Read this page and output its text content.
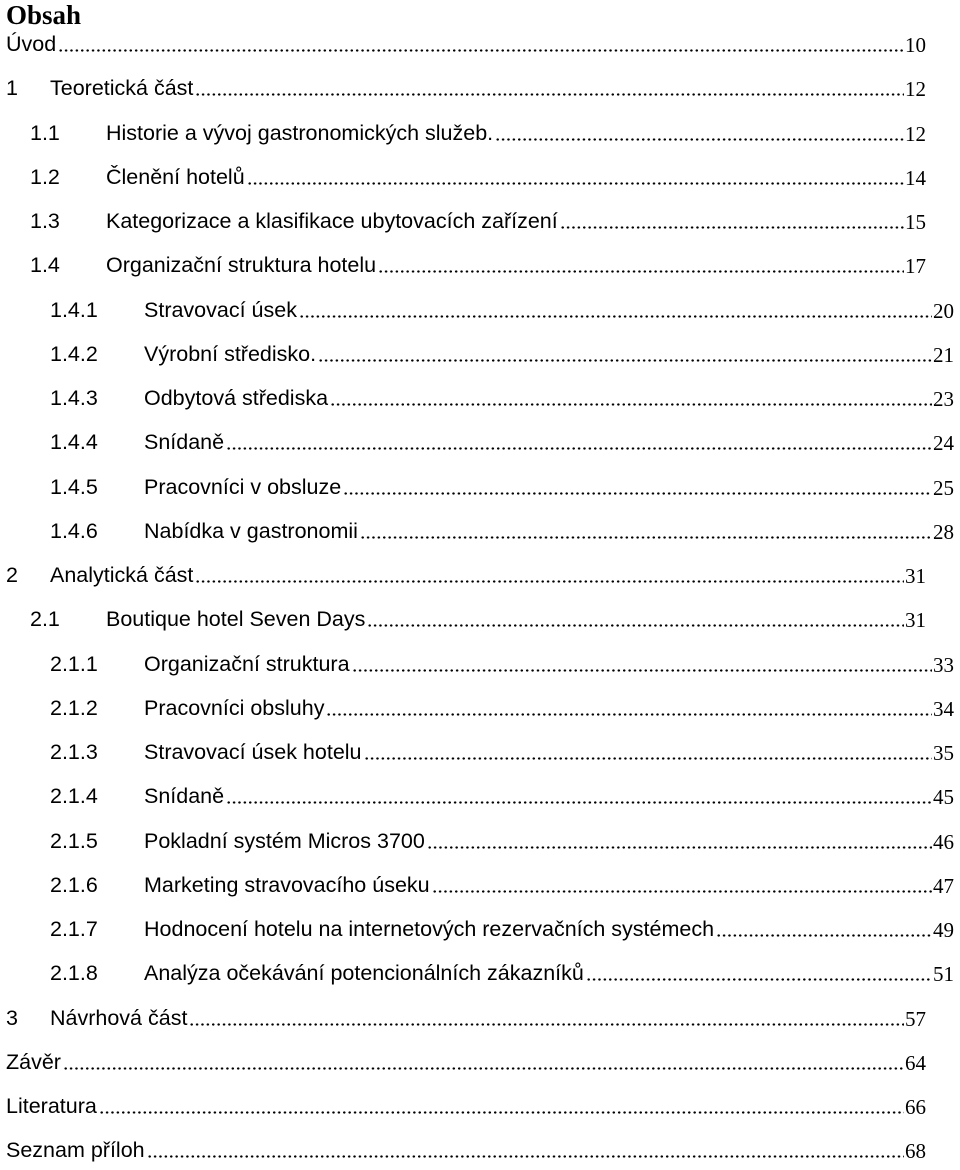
Obsah
Úvod	10
1 Teoretická část	12
1.1 Historie a vývoj gastronomických služeb.	12
1.2 Členění hotelů	14
1.3 Kategorizace a klasifikace ubytovacích zařízení	15
1.4 Organizační struktura hotelu	17
1.4.1 Stravovací úsek	20
1.4.2 Výrobní středisko.	21
1.4.3 Odbytová střediska	23
1.4.4 Snídaně	24
1.4.5 Pracovníci v obsluze	25
1.4.6 Nabídka v gastronomii	28
2 Analytická část	31
2.1 Boutique hotel Seven Days	31
2.1.1 Organizační struktura	33
2.1.2 Pracovníci obsluhy	34
2.1.3 Stravovací úsek hotelu	35
2.1.4 Snídaně	45
2.1.5 Pokladní systém Micros 3700	46
2.1.6 Marketing stravovacího úseku	47
2.1.7 Hodnocení hotelu na internetových rezervačních systémech	49
2.1.8 Analýza očekávání potencionálních zákazníků	51
3 Návrhová část	57
Závěr	64
Literatura	66
Seznam příloh	68
